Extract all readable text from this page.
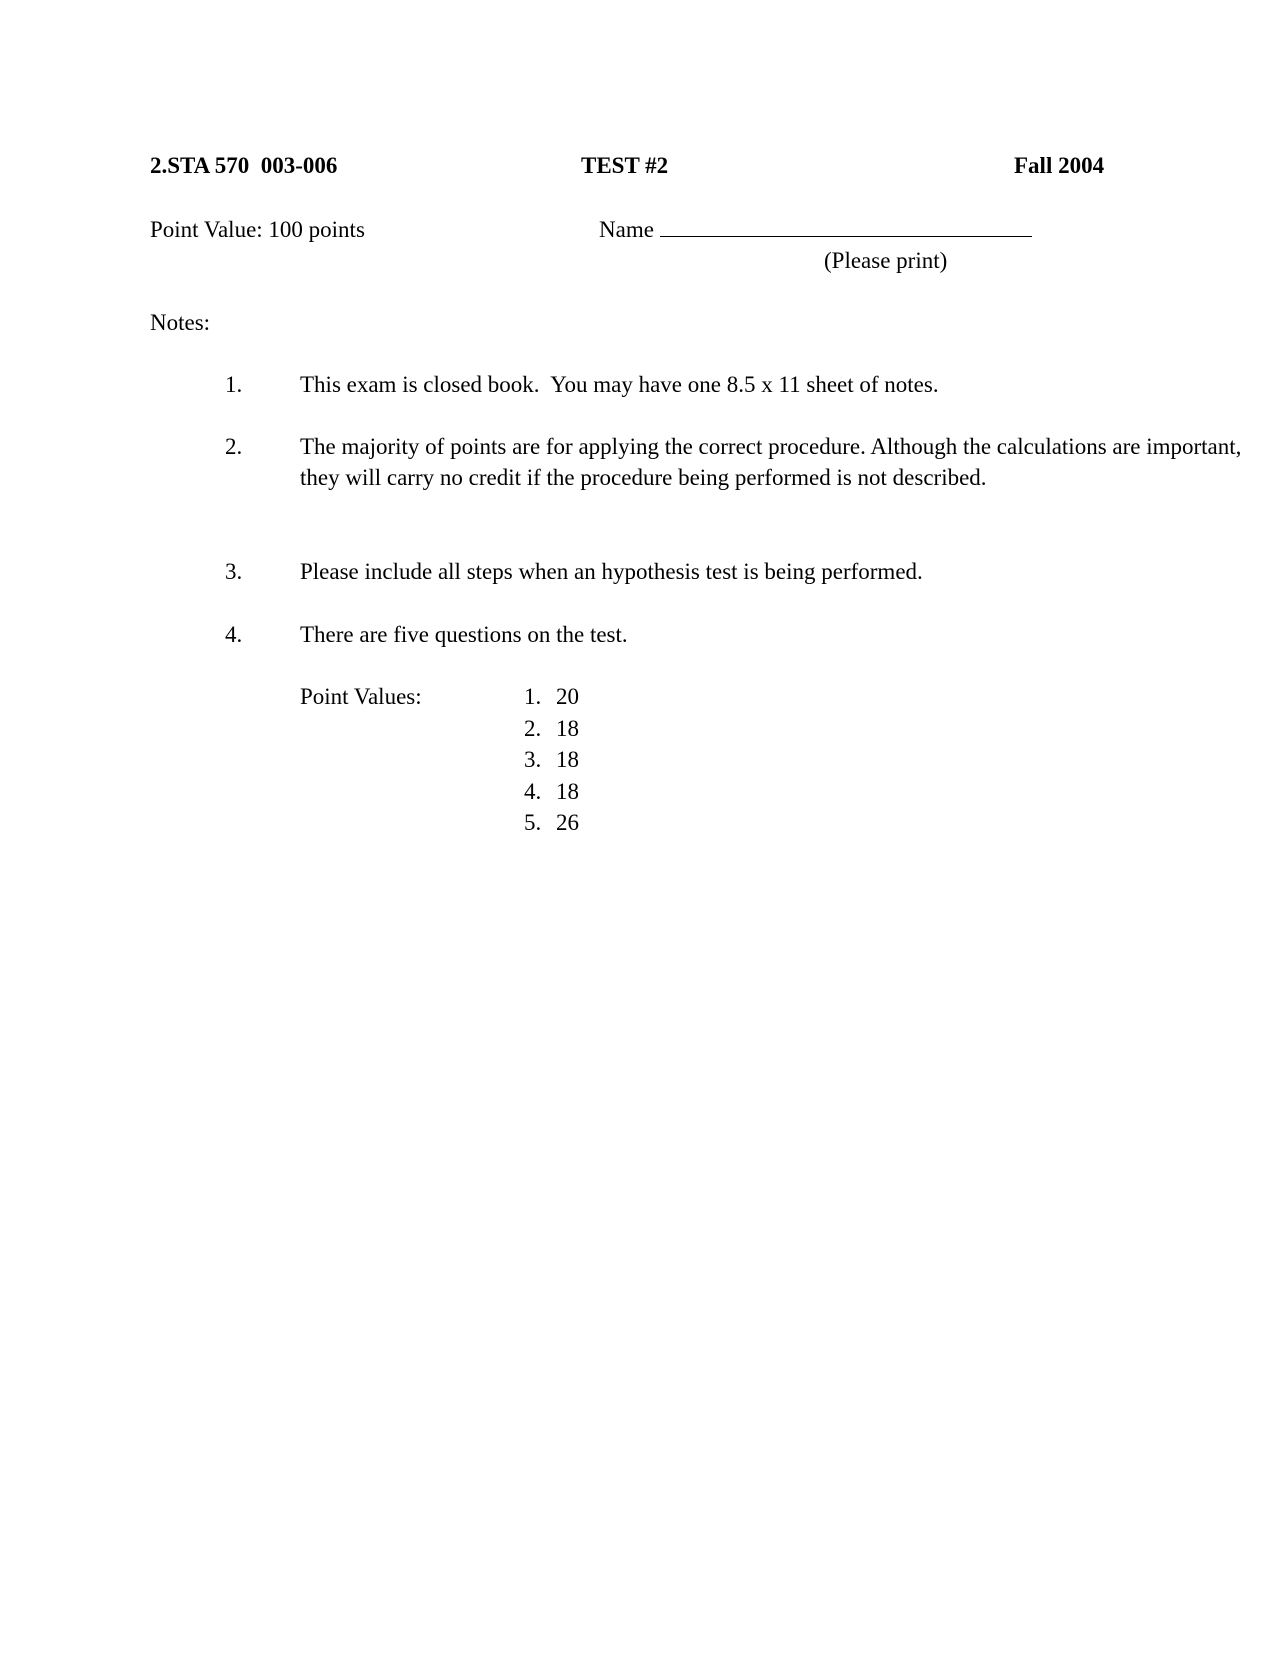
2.STA 570  003-006	TEST #2	Fall 2004
Point Value: 100 points	Name
(Please print)
Notes:
1.	This exam is closed book.  You may have one 8.5 x 11 sheet of notes.
2.	The majority of points are for applying the correct procedure. Although the calculations are important, they will carry no credit if the procedure being performed is not described.
3.	Please include all steps when an hypothesis test is being performed.
4.	There are five questions on the test.
Point Values:	1. 20
2. 18
3. 18
4. 18
5. 26
